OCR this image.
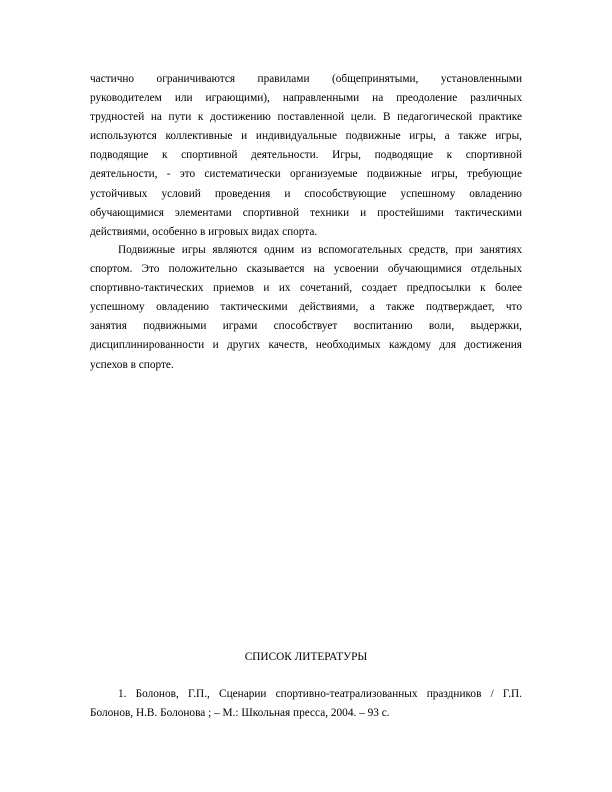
частично ограничиваются правилами (общепринятыми, установленными
руководителем или играющими), направленными на преодоление различных
трудностей на пути к достижению поставленной цели. В педагогической практике
используются коллективные и индивидуальные подвижные игры, а также игры,
подводящие к спортивной деятельности. Игры, подводящие к спортивной
деятельности, - это систематически организуемые подвижные игры, требующие
устойчивых условий проведения и способствующие успешному овладению
обучающимися элементами спортивной техники и простейшими тактическими
действиями, особенно в игровых видах спорта.
Подвижные игры являются одним из вспомогательных средств, при занятиях
спортом. Это положительно сказывается на усвоении обучающимися отдельных
спортивно-тактических приемов и их сочетаний, создает предпосылки к более
успешному овладению тактическими действиями, а также подтверждает, что
занятия подвижными играми способствует воспитанию воли, выдержки,
дисциплинированности и других качеств, необходимых каждому для достижения
успехов в спорте.
СПИСОК ЛИТЕРАТУРЫ
1. Болонов, Г.П., Сценарии спортивно-театрализованных праздников / Г.П.
Болонов, Н.В. Болонова ; – М.: Школьная пресса, 2004. – 93 с.
